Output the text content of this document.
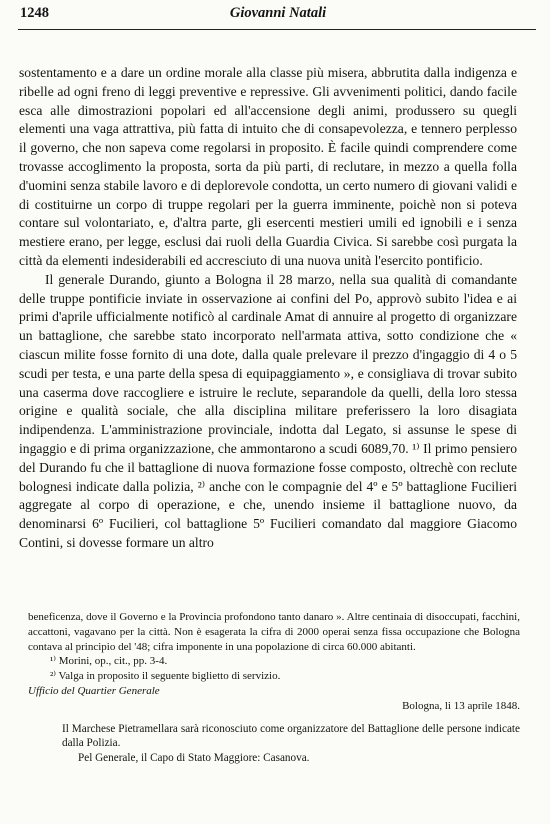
1248	Giovanni Natali

sostentamento e a dare un ordine morale alla classe più misera, abbrutita dalla indigenza e ribelle ad ogni freno di leggi preventive e repressive. Gli avvenimenti politici, dando facile esca alle dimostrazioni popolari ed all'accensione degli animi, produssero su quegli elementi una vaga attrattiva, più fatta di intuito che di consapevolezza, e tennero perplesso il governo, che non sapeva come regolarsi in proposito. È facile quindi comprendere come trovasse accoglimento la proposta, sorta da più parti, di reclutare, in mezzo a quella folla d'uomini senza stabile lavoro e di deplorevole condotta, un certo numero di giovani validi e di costituirne un corpo di truppe regolari per la guerra imminente, poichè non si poteva contare sul volontariato, e, d'altra parte, gli esercenti mestieri umili ed ignobili e i senza mestiere erano, per legge, esclusi dai ruoli della Guardia Civica. Si sarebbe così purgata la città da elementi indesiderabili ed accresciuto di una nuova unità l'esercito pontificio.

Il generale Durando, giunto a Bologna il 28 marzo, nella sua qualità di comandante delle truppe pontificie inviate in osservazione ai confini del Po, approvò subito l'idea e ai primi d'aprile ufficialmente notificò al cardinale Amat di annuire al progetto di organizzare un battaglione, che sarebbe stato incorporato nell'armata attiva, sotto condizione che « ciascun milite fosse fornito di una dote, dalla quale prelevare il prezzo d'ingaggio di 4 o 5 scudi per testa, e una parte della spesa di equipaggiamento », e consigliava di trovar subito una caserma dove raccogliere e istruire le reclute, separandole da quelli, della loro stessa origine e qualità sociale, che alla disciplina militare preferissero la loro disagiata indipendenza. L'amministrazione provinciale, indotta dal Legato, si assunse le spese di ingaggio e di prima organizzazione, che ammontarono a scudi 6089,70. ¹⁾ Il primo pensiero del Durando fu che il battaglione di nuova formazione fosse composto, oltrechè con reclute bolognesi indicate dalla polizia, ²⁾ anche con le compagnie del 4º e 5º battaglione Fucilieri aggregate al corpo di operazione, e che, unendo insieme il battaglione nuovo, da denominarsi 6º Fucilieri, col battaglione 5º Fucilieri comandato dal maggiore Giacomo Contini, si dovesse formare un altro

beneficenza, dove il Governo e la Provincia profondono tanto danaro ». Altre centinaia di disoccupati, facchini, accattoni, vagavano per la città. Non è esagerata la cifra di 2000 operai senza fissa occupazione che Bologna contava al principio del '48; cifra imponente in una popolazione di circa 60.000 abitanti.

¹⁾ Morini, op., cit., pp. 3-4.

²⁾ Valga in proposito il seguente biglietto di servizio.

Ufficio del Quartier Generale

Bologna, li 13 aprile 1848.

Il Marchese Pietramellara sarà riconosciuto come organizzatore del Battaglione delle persone indicate dalla Polizia.

Pel Generale, il Capo di Stato Maggiore: Casanova.
